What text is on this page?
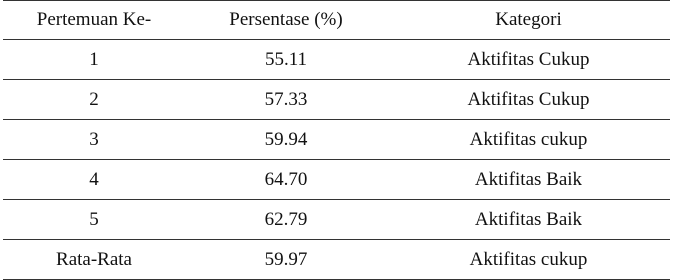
Pertemuan Ke-	Persentase (%)	Kategori
1	55.11	Aktifitas Cukup
2	57.33	Aktifitas Cukup
3	59.94	Aktifitas cukup
4	64.70	Aktifitas Baik
5	62.79	Aktifitas Baik
Rata-Rata	59.97	Aktifitas cukup
